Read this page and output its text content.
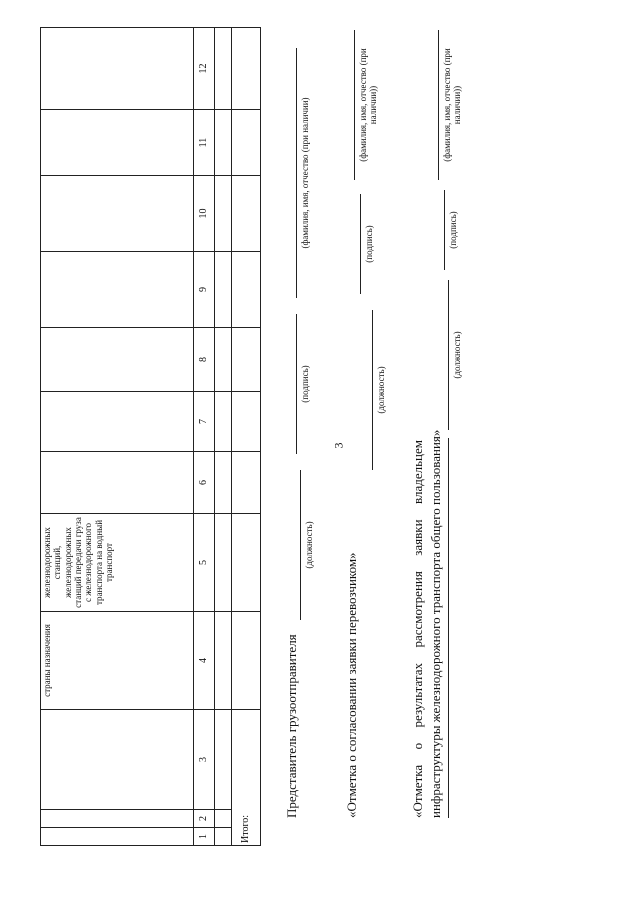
3
			страны назначения	железнодорожных станций, железнодорожных станций передачи груза с железнодорожного транспорта на водный транспорт							
1	2	3	4	5	6	7	8	9	10	11	12

Итого:											
Представитель грузоотправителя
(должность)
(подпись)
(фамилия, имя, отчество (при наличии)
«Отметка о согласовании заявки перевозчиком»
(должность)
(подпись)
(фамилия, имя, отчество (при наличии))
«Отметка о результатах рассмотрения заявки владельцем инфраструктуры железнодорожного транспорта общего пользования»
(должность)
(подпись)
(фамилия, имя, отчество (при наличии))
